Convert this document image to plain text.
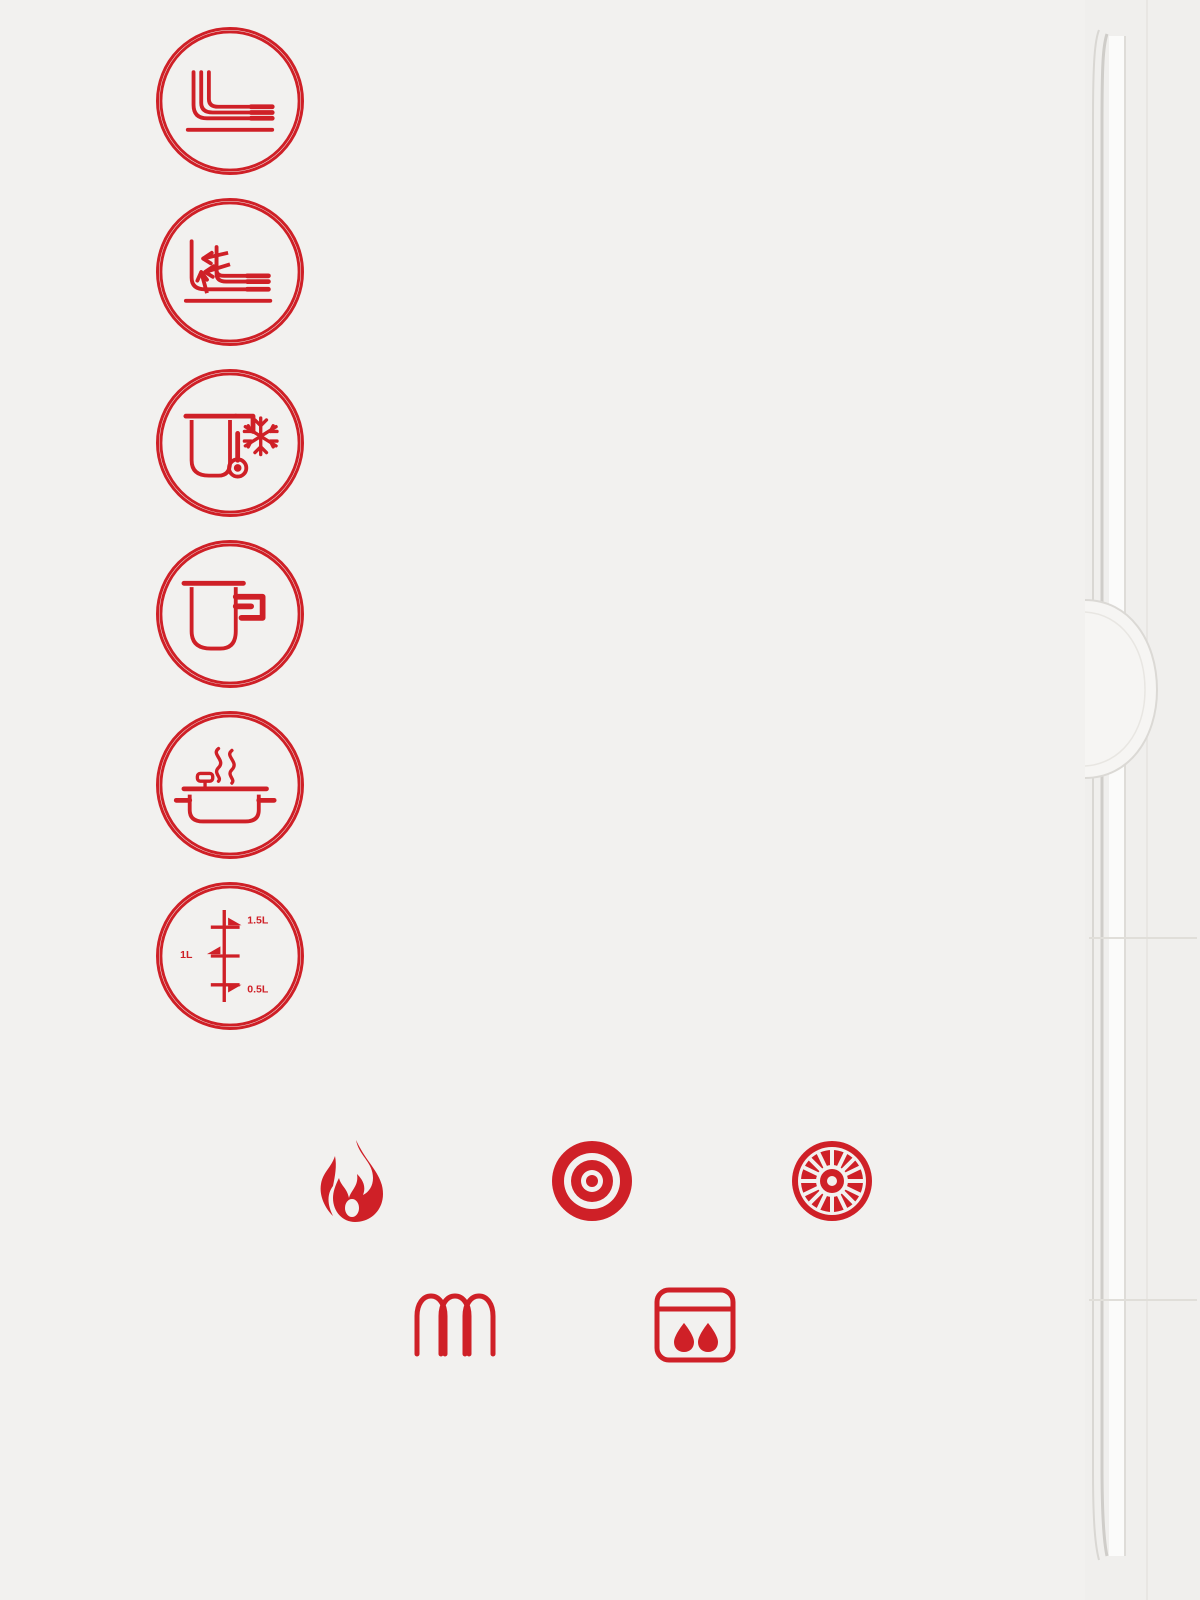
1.5L
1L
0.5L
